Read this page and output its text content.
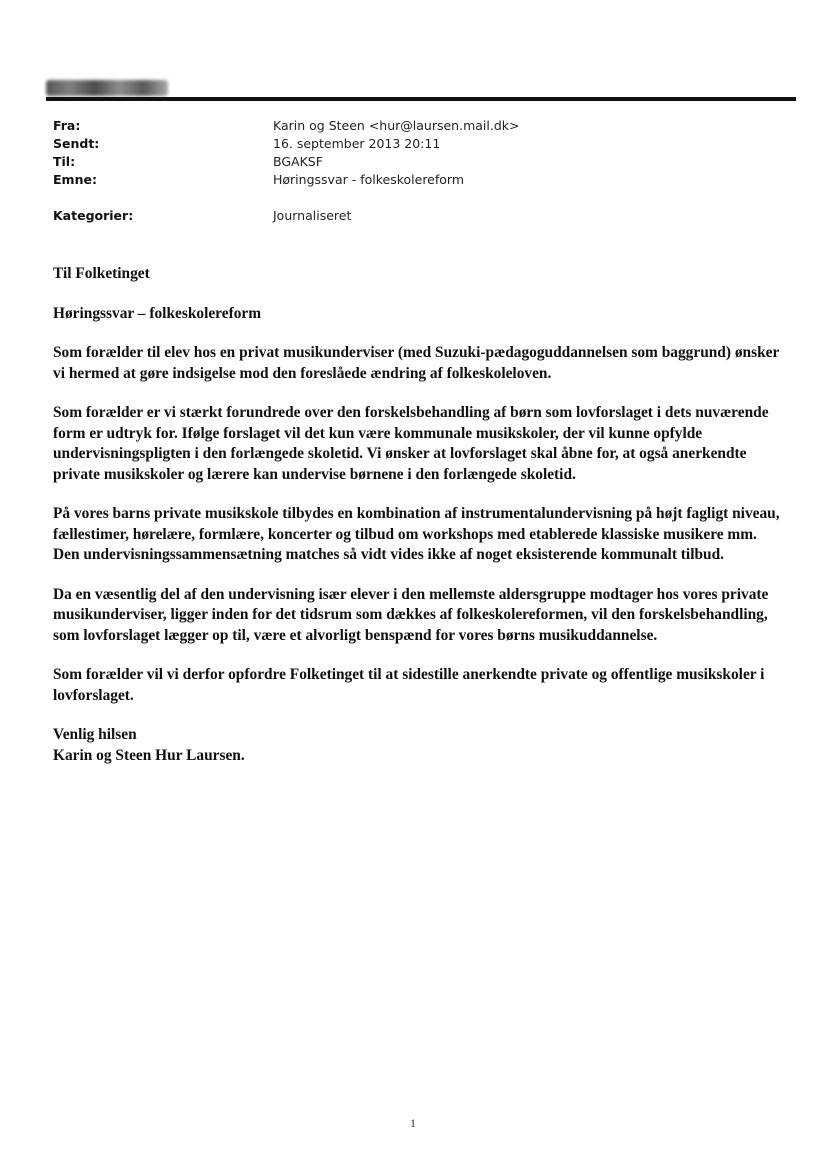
Fra:	Karin og Steen <hur@laursen.mail.dk>
Sendt:	16. september 2013 20:11
Til:	BGAKSF
Emne:	Høringssvar - folkeskolereform
Kategorier:	Journaliseret

Til Folketinget

Høringssvar – folkeskolereform

Som forælder til elev hos en privat musikunderviser (med Suzuki-pædagoguddannelsen som baggrund) ønsker vi hermed at gøre indsigelse mod den foreslåede ændring af folkeskoleloven.

Som forælder er vi stærkt forundrede over den forskelsbehandling af børn som lovforslaget i dets nuværende form er udtryk for. Ifølge forslaget vil det kun være kommunale musikskoler, der vil kunne opfylde undervisningspligten i den forlængede skoletid. Vi ønsker at lovforslaget skal åbne for, at også anerkendte private musikskoler og lærere kan undervise børnene i den forlængede skoletid.

På vores barns private musikskole tilbydes en kombination af instrumentalundervisning på højt fagligt niveau, fællestimer, hørelære, formlære, koncerter og tilbud om workshops med etablerede klassiske musikere mm. Den undervisningssammensætning matches så vidt vides ikke af noget eksisterende kommunalt tilbud.

Da en væsentlig del af den undervisning især elever i den mellemste aldersgruppe modtager hos vores private musikunderviser, ligger inden for det tidsrum som dækkes af folkeskolereformen, vil den forskelsbehandling, som lovforslaget lægger op til, være et alvorligt benspænd for vores børns musikuddannelse.

Som forælder vil vi derfor opfordre Folketinget til at sidestille anerkendte private og offentlige musikskoler i lovforslaget.

Venlig hilsen

Karin og Steen Hur Laursen.

1
